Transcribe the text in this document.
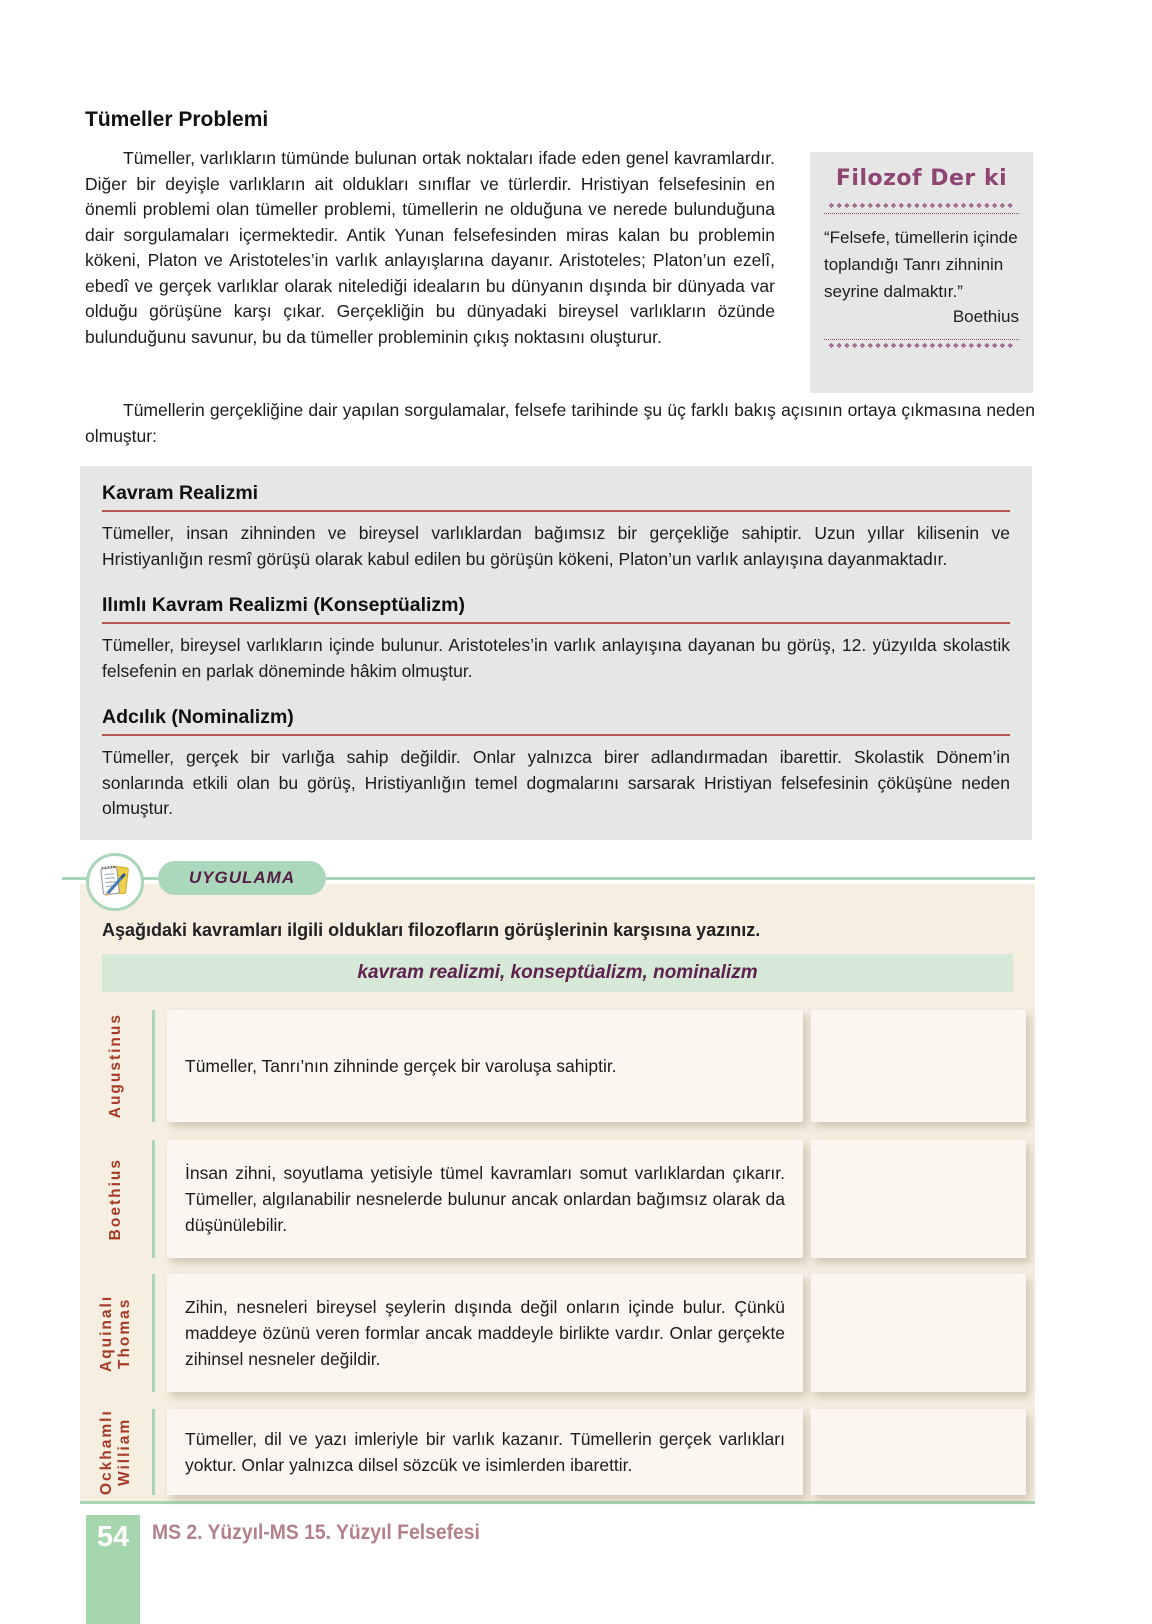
Tümeller Problemi

Tümeller, varlıkların tümünde bulunan ortak noktaları ifade eden genel kavramlardır. Diğer bir deyişle varlıkların ait oldukları sınıflar ve türlerdir. Hristiyan felsefesinin en önemli problemi olan tümeller problemi, tümellerin ne olduğuna ve nerede bulunduğuna dair sorgulamaları içermektedir. Antik Yunan felsefesinden miras kalan bu problemin kökeni, Platon ve Aristoteles’in varlık anlayışlarına dayanır. Aristoteles; Platon’un ezelî, ebedî ve gerçek varlıklar olarak nitelediği ideaların bu dünyanın dışında bir dünyada var olduğu görüşüne karşı çıkar. Gerçekliğin bu dünyadaki bireysel varlıkların özünde bulunduğunu savunur, bu da tümeller probleminin çıkış noktasını oluşturur.

Filozof Der ki
❖❖❖❖❖❖❖❖❖❖❖❖❖❖❖❖❖❖❖❖❖❖❖❖

“Felsefe, tümellerin içinde toplandığı Tanrı zihninin seyrine dalmaktır.”

Boethius
❖❖❖❖❖❖❖❖❖❖❖❖❖❖❖❖❖❖❖❖❖❖❖❖

Tümellerin gerçekliğine dair yapılan sorgulamalar, felsefe tarihinde şu üç farklı bakış açısının ortaya çıkmasına neden olmuştur:

Kavram Realizmi

Tümeller, insan zihninden ve bireysel varlıklardan bağımsız bir gerçekliğe sahiptir. Uzun yıllar kilisenin ve Hristiyanlığın resmî görüşü olarak kabul edilen bu görüşün kökeni, Platon’un varlık anlayışına dayanmaktadır.

Ilımlı Kavram Realizmi (Konseptüalizm)

Tümeller, bireysel varlıkların içinde bulunur. Aristoteles’in varlık anlayışına dayanan bu görüş, 12. yüzyılda skolastik felsefenin en parlak döneminde hâkim olmuştur.

Adcılık (Nominalizm)

Tümeller, gerçek bir varlığa sahip değildir. Onlar yalnızca birer adlandırmadan ibarettir. Skolastik Dönem’in sonlarında etkili olan bu görüş, Hristiyanlığın temel dogmalarını sarsarak Hristiyan felsefesinin çöküşüne neden olmuştur.

UYGULAMA

Aşağıdaki kavramları ilgili oldukları filozofların görüşlerinin karşısına yazınız.

kavram realizmi, konseptüalizm, nominalizm
Augustinus	Tümeller, Tanrı’nın zihninde gerçek bir varoluşa sahiptir.

Boethius	İnsan zihni, soyutlama yetisiyle tümel kavramları somut varlıklardan çıkarır. Tümeller, algılanabilir nesnelerde bulunur ancak onlardan bağımsız olarak da düşünülebilir.

Aquinalı Thomas	Zihin, nesneleri bireysel şeylerin dışında değil onların içinde bulur. Çünkü maddeye özünü veren formlar ancak maddeyle birlikte vardır. Onlar gerçekte zihinsel nesneler değildir.

Ockhamlı William	Tümeller, dil ve yazı imleriyle bir varlık kazanır. Tümellerin gerçek varlıkları yoktur. Onlar yalnızca dilsel sözcük ve isimlerden ibarettir.

54	MS 2. Yüzyıl-MS 15. Yüzyıl Felsefesi
